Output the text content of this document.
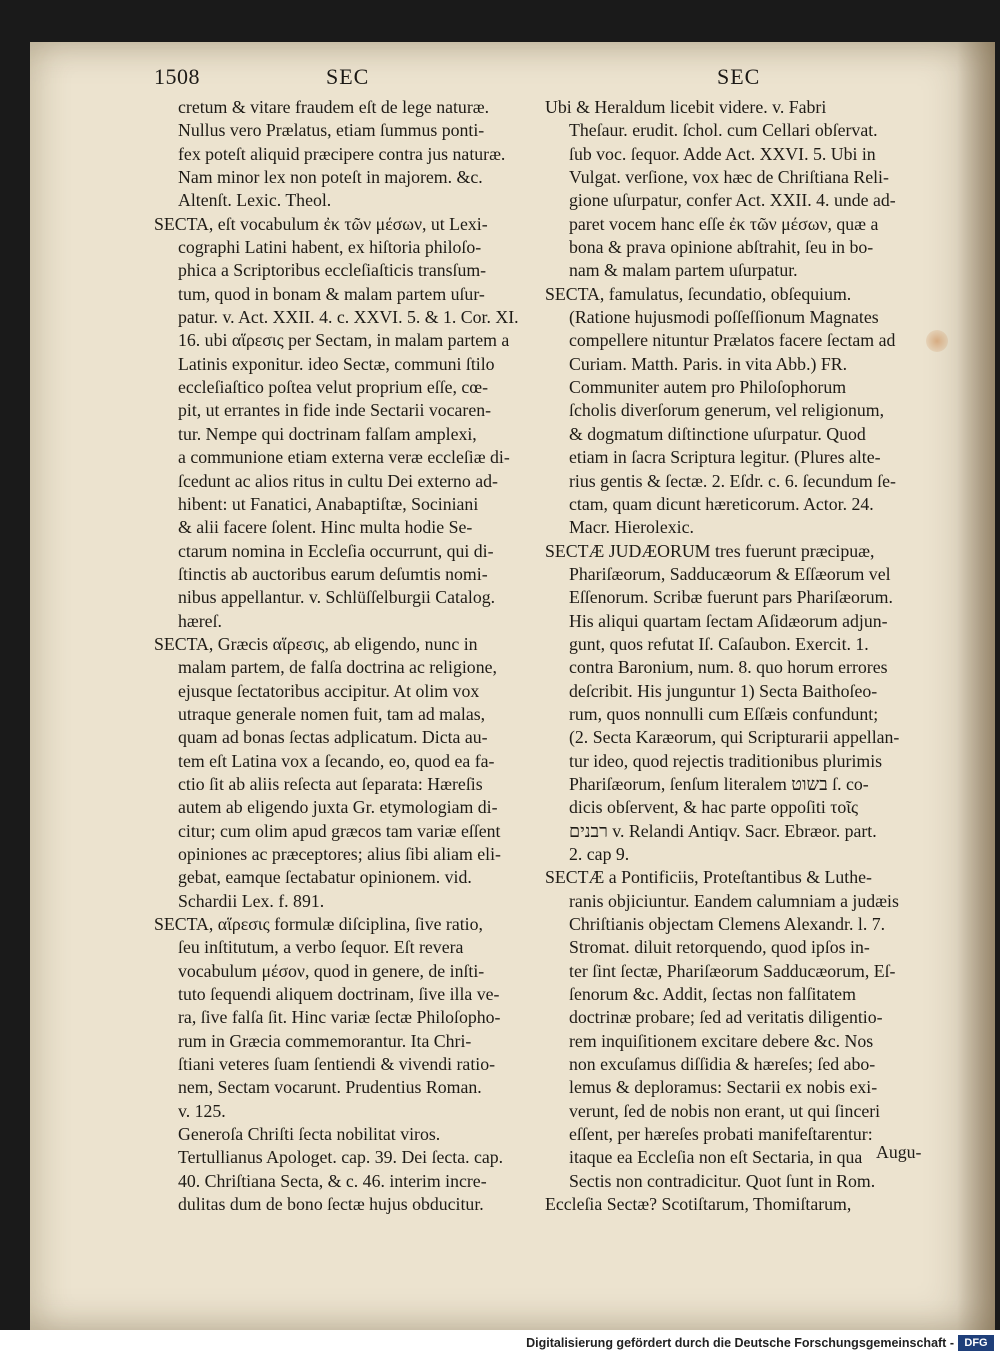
1508	SEC	SEC
cretum & vitare fraudem eſt de lege naturæ.
Nullus vero Prælatus, etiam ſummus ponti-
fex poteſt aliquid præcipere contra jus naturæ.
Nam minor lex non poteſt in majorem. &c.
Altenſt. Lexic. Theol.
SECTA, eſt vocabulum ἐκ τῶν μέσων, ut Lexi-
cographi Latini habent, ex hiſtoria philoſo-
phica a Scriptoribus eccleſiaſticis transſum-
tum, quod in bonam & malam partem uſur-
patur. v. Act. XXII. 4. c. XXVI. 5. & 1. Cor. XI.
16. ubi αἵρεσις per Sectam, in malam partem a
Latinis exponitur. ideo Sectæ, communi ſtilo
eccleſiaſtico poſtea velut proprium eſſe, cœ-
pit, ut errantes in fide inde Sectarii vocaren-
tur. Nempe qui doctrinam falſam amplexi,
a communione etiam externa veræ eccleſiæ di-
ſcedunt ac alios ritus in cultu Dei externo ad-
hibent: ut Fanatici, Anabaptiſtæ, Sociniani
& alii facere ſolent. Hinc multa hodie Se-
ctarum nomina in Eccleſia occurrunt, qui di-
ſtinctis ab auctoribus earum deſumtis nomi-
nibus appellantur. v. Schlüſſelburgii Catalog.
hæreſ.
SECTA, Græcis αἵρεσις, ab eligendo, nunc in
malam partem, de falſa doctrina ac religione,
ejusque ſectatoribus accipitur. At olim vox
utraque generale nomen fuit, tam ad malas,
quam ad bonas ſectas adplicatum. Dicta au-
tem eſt Latina vox a ſecando, eo, quod ea fa-
ctio ſit ab aliis reſecta aut ſeparata: Hæreſis
autem ab eligendo juxta Gr. etymologiam di-
citur; cum olim apud græcos tam variæ eſſent
opiniones ac præceptores; alius ſibi aliam eli-
gebat, eamque ſectabatur opinionem. vid.
Schardii Lex. f. 891.
SECTA, αἵρεσις formulæ diſciplina, ſive ratio,
ſeu inſtitutum, a verbo ſequor. Eſt revera
vocabulum μέσον, quod in genere, de inſti-
tuto ſequendi aliquem doctrinam, ſive illa ve-
ra, ſive falſa ſit. Hinc variæ ſectæ Philoſopho-
rum in Græcia commemorantur. Ita Chri-
ſtiani veteres ſuam ſentiendi & vivendi ratio-
nem, Sectam vocarunt. Prudentius Roman.
v. 125.
Generoſa Chriſti ſecta nobilitat viros.
Tertullianus Apologet. cap. 39. Dei ſecta. cap.
40. Chriſtiana Secta, & c. 46. interim incre-
dulitas dum de bono ſectæ hujus obducitur.
Ubi & Heraldum licebit videre. v. Fabri
Theſaur. erudit. ſchol. cum Cellari obſervat.
ſub voc. ſequor. Adde Act. XXVI. 5. Ubi in
Vulgat. verſione, vox hæc de Chriſtiana Reli-
gione uſurpatur, confer Act. XXII. 4. unde ad-
paret vocem hanc eſſe ἐκ τῶν μέσων, quæ a
bona & prava opinione abſtrahit, ſeu in bo-
nam & malam partem uſurpatur.
SECTA, famulatus, ſecundatio, obſequium.
(Ratione hujusmodi poſſeſſionum Magnates
compellere nituntur Prælatos facere ſectam ad
Curiam. Matth. Paris. in vita Abb.) FR.
Communiter autem pro Philoſophorum
ſcholis diverſorum generum, vel religionum,
& dogmatum diſtinctione uſurpatur. Quod
etiam in ſacra Scriptura legitur. (Plures alte-
rius gentis & ſectæ. 2. Eſdr. c. 6. ſecundum ſe-
ctam, quam dicunt hæreticorum. Actor. 24.
Macr. Hierolexic.
SECTÆ JUDÆORUM tres fuerunt præcipuæ,
Phariſæorum, Sadducæorum & Eſſæorum vel
Eſſenorum. Scribæ fuerunt pars Phariſæorum.
His aliqui quartam ſectam Aſidæorum adjun-
gunt, quos refutat Iſ. Caſaubon. Exercit. 1.
contra Baronium, num. 8. quo horum errores
deſcribit. His junguntur 1) Secta Baithoſeo-
rum, quos nonnulli cum Eſſæis confundunt;
(2. Secta Karæorum, qui Scripturarii appellan-
tur ideo, quod rejectis traditionibus plurimis
Phariſæorum, ſenſum literalem בשוט ſ. co-
dicis obſervent, & hac parte oppoſiti τοῖς
רבנים v. Relandi Antiqv. Sacr. Ebræor. part.
2. cap 9.
SECTÆ a Pontificiis, Proteſtantibus & Luthe-
ranis objiciuntur. Eandem calumniam a judæis
Chriſtianis objectam Clemens Alexandr. l. 7.
Stromat. diluit retorquendo, quod ipſos in-
ter ſint ſectæ, Phariſæorum Sadducæorum, Eſ-
ſenorum &c. Addit, ſectas non falſitatem
doctrinæ probare; ſed ad veritatis diligentio-
rem inquiſitionem excitare debere &c. Nos
non excuſamus diſſidia & hæreſes; ſed abo-
lemus & deploramus: Sectarii ex nobis exi-
verunt, ſed de nobis non erant, ut qui ſinceri
eſſent, per hæreſes probati manifeſtarentur:
itaque ea Eccleſia non eſt Sectaria, in qua
Sectis non contradicitur. Quot ſunt in Rom.
Eccleſia Sectæ? Scotiſtarum, Thomiſtarum,
Augu-
Digitalisierung gefördert durch die Deutsche Forschungsgemeinschaft - DFG
